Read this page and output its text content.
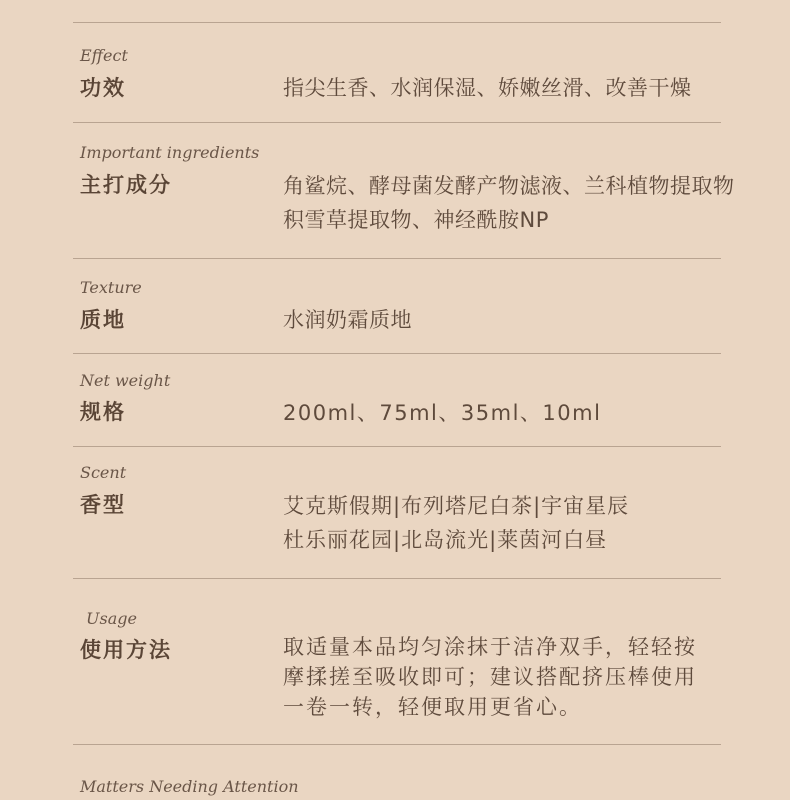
Effect
功效	指尖生香、水润保湿、娇嫩丝滑、改善干燥
Important ingredients
主打成分	角鲨烷、酵母菌发酵产物滤液、兰科植物提取物
积雪草提取物、神经酰胺NP
Texture
质地	水润奶霜质地
Net weight
规格	200ml、75ml、35ml、10ml
Scent
香型	艾克斯假期|布列塔尼白茶|宇宙星辰
杜乐丽花园|北岛流光|莱茵河白昼
Usage
使用方法	取适量本品均匀涂抹于洁净双手，轻轻按
摩揉搓至吸收即可；建议搭配挤压棒使用
一卷一转，轻便取用更省心。
Matters Needing Attention
